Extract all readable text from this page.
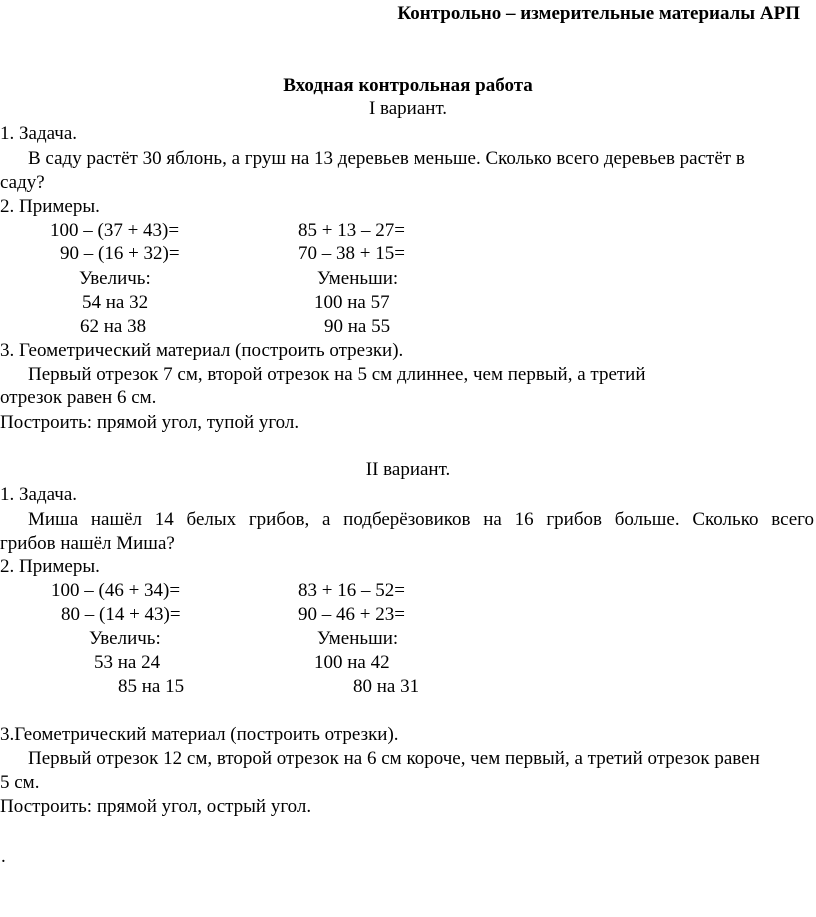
Контрольно – измерительные материалы АРП
Входная контрольная работа
I вариант.
1. Задача.
В саду растёт 30 яблонь, а груш на 13 деревьев меньше. Сколько всего деревьев растёт в
саду?
2. Примеры.
100 – (37 + 43)=	85 + 13 – 27=
90 – (16 + 32)=	70 – 38 + 15=
Увеличь:	Уменьши:
54 на 32	100 на 57
62 на 38	90 на 55
3. Геометрический материал (построить отрезки).
Первый отрезок 7 см, второй отрезок на 5 см длиннее, чем первый, а третий
отрезок равен 6 см.
Построить: прямой угол, тупой угол.
II вариант.
1. Задача.
Миша нашёл 14 белых грибов, а подберёзовиков на 16 грибов больше. Сколько всего
грибов нашёл Миша?
2. Примеры.
100 – (46 + 34)=	83 + 16 – 52=
80 – (14 + 43)=	90 – 46 + 23=
Увеличь:	Уменьши:
53 на 24	100 на 42
85 на 15	80 на 31
3.Геометрический материал (построить отрезки).
Первый отрезок 12 см, второй отрезок на 6 см короче, чем первый, а третий отрезок равен
5 см.
Построить: прямой угол, острый угол.
.
